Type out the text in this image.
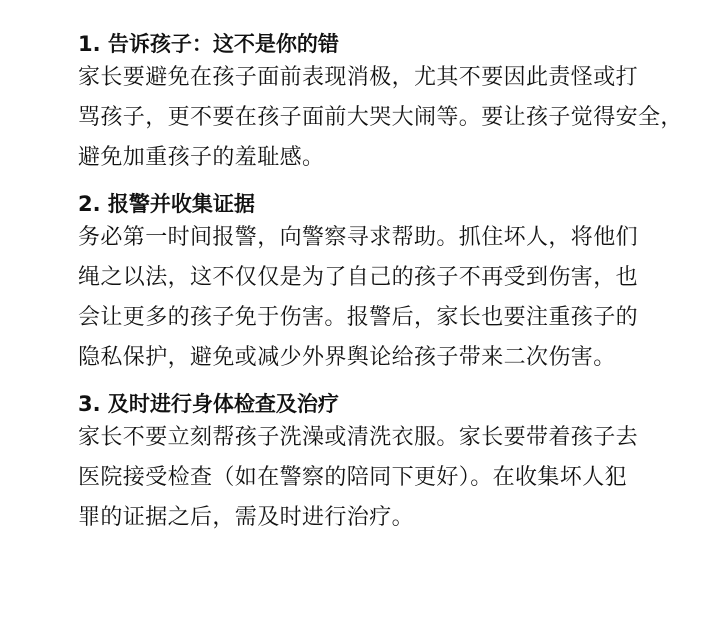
1. 告诉孩子：这不是你的错
家长要避免在孩子面前表现消极，尤其不要因此责怪或打
骂孩子，更不要在孩子面前大哭大闹等。要让孩子觉得安全，
避免加重孩子的羞耻感。
2. 报警并收集证据
务必第一时间报警，向警察寻求帮助。抓住坏人，将他们
绳之以法，这不仅仅是为了自己的孩子不再受到伤害，也
会让更多的孩子免于伤害。报警后，家长也要注重孩子的
隐私保护，避免或减少外界舆论给孩子带来二次伤害。
3. 及时进行身体检查及治疗
家长不要立刻帮孩子洗澡或清洗衣服。家长要带着孩子去
医院接受检查（如在警察的陪同下更好）。在收集坏人犯
罪的证据之后，需及时进行治疗。
